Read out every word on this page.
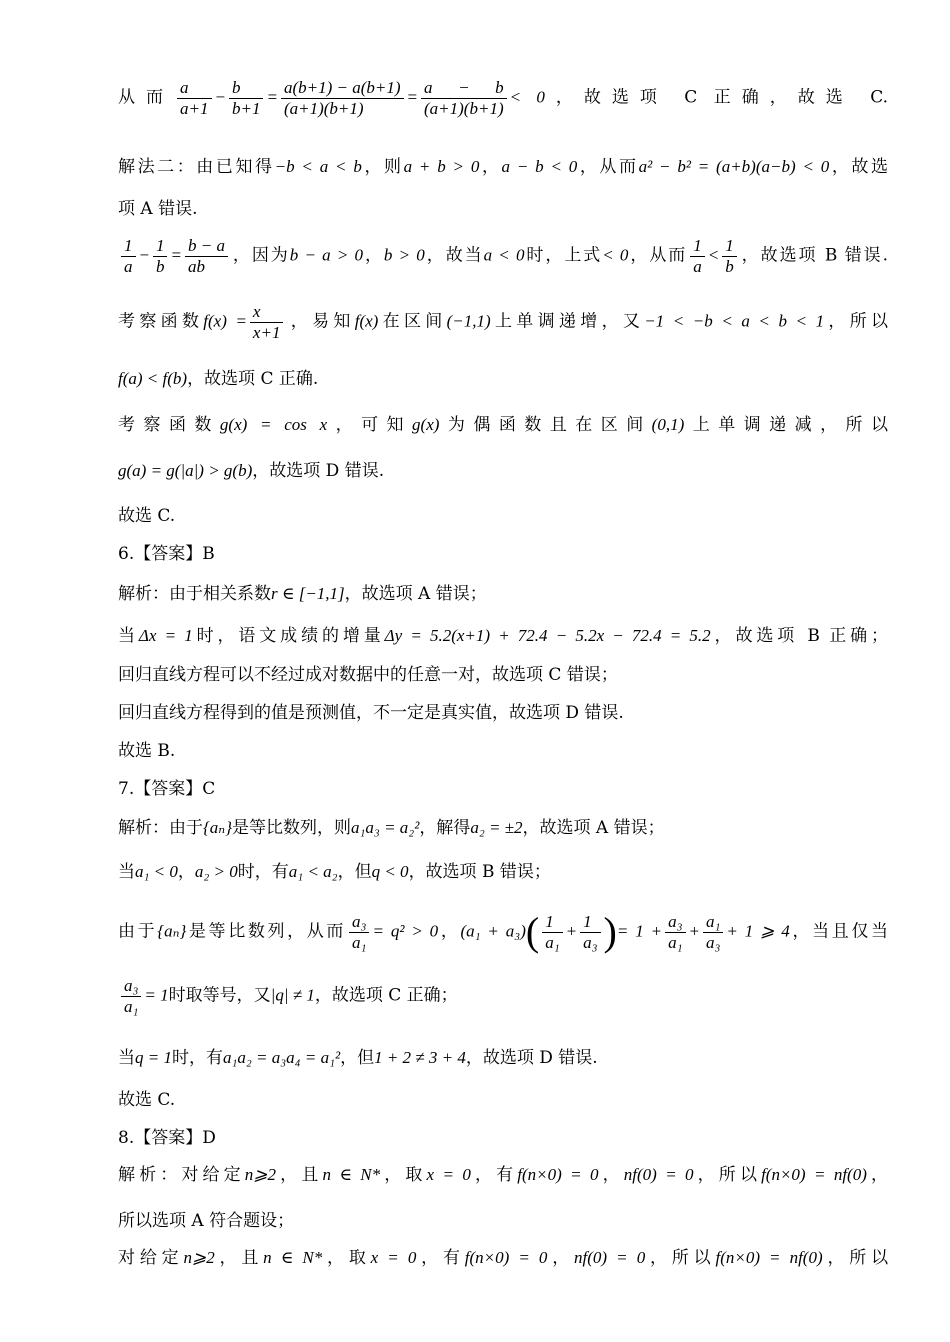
从而 $\frac{a}{a+1} - \frac{b}{b+1} = \frac{a(b+1) - a(b+1)}{(a+1)(b+1)} = \frac{a - b}{(a+1)(b+1)} < 0$，故选项 C 正确，故选 C.
解法二：由已知得−b < a < b，则a + b > 0，a − b < 0，从而a² − b² = (a+b)(a−b) < 0，故选
项 A 错误.
$\frac{1}{a} - \frac{1}{b} = \frac{b - a}{ab}$ ，因为b − a > 0，b > 0，故当a < 0时，上式< 0，从而 $\frac{1}{a} < \frac{1}{b}$ ，故选项 B 错误.
考察函数$f(x) = \frac{x}{x+1}$ ，易知f(x)在区间(−1,1)上单调递增，又−1 < −b < a < b < 1，所以
f(a) < f(b)，故选项 C 正确.
考察函数g(x) = cos x，可知g(x)为偶函数且在区间(0,1)上单调递减，所以
g(a) = g(|a|) > g(b)，故选项 D 错误.
故选 C.
6.【答案】B
解析：由于相关系数r ∈ [−1,1]，故选项 A 错误；
当Δx = 1时，语文成绩的增量Δy = 5.2(x+1) + 72.4 − 5.2x − 72.4 = 5.2，故选项 B 正确；
回归直线方程可以不经过成对数据中的任意一对，故选项 C 错误；
回归直线方程得到的值是预测值，不一定是真实值，故选项 D 错误.
故选 B.
7.【答案】C
解析：由于{aₙ}是等比数列，则a₁a₃ = a₂²，解得a₂ = ±2，故选项 A 错误；
当a₁ < 0，a₂ > 0时，有a₁ < a₂，但q < 0，故选项 B 错误；
由于{aₙ}是等比数列，从而 $\frac{\text{a₃}}{\text{a₁}} = q^2 > 0$，$(a_1 + a_3)( \frac{1}{\text{a₁}} + \frac{1}{\text{a₃}}$ )= $1 + \frac{\text{a₃}}{\text{a₁}} + \frac{\text{a₁}}{\text{a₃}} + 1$ ⩾ 4，当且仅当
$\frac{\text{a₃}}{\text{a₁}} = 1$时取等号，又|q| ≠ 1，故选项 C 正确；
当q = 1时，有a₁a₂ = a₃a₄ = a₁²，但1 + 2 ≠ 3 + 4，故选项 D 错误.
故选 C.
8.【答案】D
解析：对给定n⩾2，且n ∈ N*，取x = 0，有f(n×0) = 0，nf(0) = 0，所以f(n×0) = nf(0)，
所以选项 A 符合题设；
对给定n⩾2，且n ∈ N*，取x = 0，有f(n×0) = 0，nf(0) = 0，所以f(n×0) = nf(0)，所以
